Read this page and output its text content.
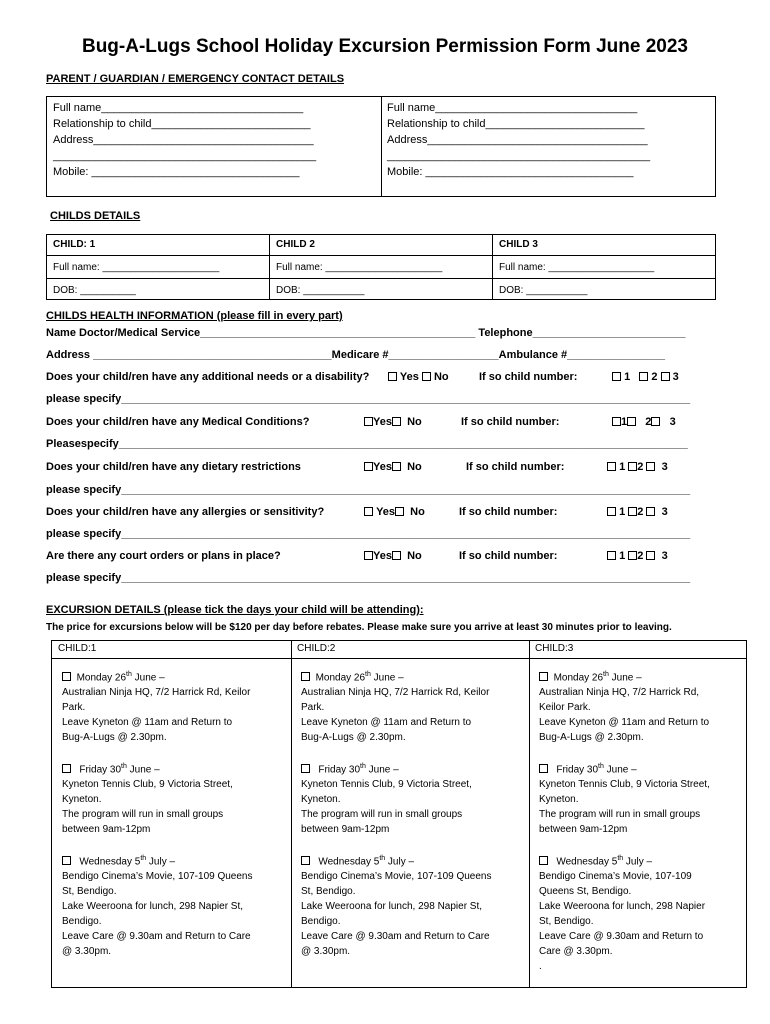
Bug-A-Lugs School Holiday Excursion Permission Form June 2023
PARENT / GUARDIAN / EMERGENCY CONTACT DETAILS
Full name_________________________________
Relationship to child__________________________
Address____________________________________
___________________________________________
Mobile: __________________________________
Full name_________________________________
Relationship to child__________________________
Address____________________________________
___________________________________________
Mobile: __________________________________
CHILDS DETAILS
CHILD: 1
Full name: _____________________
DOB: __________
CHILD 2
Full name: _____________________
DOB: ___________
CHILD 3
Full name: ___________________
DOB: ___________
CHILDS HEALTH INFORMATION (please fill in every part)
Name Doctor/Medical Service_____________________________________________ Telephone_________________________
Address _______________________________________Medicare #__________________Ambulance #________________
Does your child/ren have any additional needs or a disability?	Yes No	If so child number:	1 2 3
please specify_____________________________________________________________________________________________
Does your child/ren have any Medical Conditions?	Yes No	If so child number:	1 2 3
Pleasespecify_____________________________________________________________________________________________
Does your child/ren have any dietary restrictions	Yes No	If so child number:	1 2 3
please specify_____________________________________________________________________________________________
Does your child/ren have any allergies or sensitivity?	Yes No	If so child number:	1 2 3
please specify_____________________________________________________________________________________________
Are there any court orders or plans in place?	Yes No	If so child number:	1 2 3
please specify_____________________________________________________________________________________________
EXCURSION DETAILS (please tick the days your child will be attending):
The price for excursions below will be $120 per day before rebates. Please make sure you arrive at least 30 minutes prior to leaving.
CHILD:1
Monday 26th June –
Australian Ninja HQ, 7/2 Harrick Rd, Keilor
Park.
Leave Kyneton @ 11am and Return to
Bug-A-Lugs @ 2.30pm.
Friday 30th June –
Kyneton Tennis Club, 9 Victoria Street,
Kyneton.
The program will run in small groups
between 9am-12pm
Wednesday 5th July –
Bendigo Cinema’s Movie, 107-109 Queens
St, Bendigo.
Lake Weeroona for lunch, 298 Napier St,
Bendigo.
Leave Care @ 9.30am and Return to Care
@ 3.30pm.
CHILD:2
Monday 26th June –
Australian Ninja HQ, 7/2 Harrick Rd, Keilor
Park.
Leave Kyneton @ 11am and Return to
Bug-A-Lugs @ 2.30pm.
Friday 30th June –
Kyneton Tennis Club, 9 Victoria Street,
Kyneton.
The program will run in small groups
between 9am-12pm
Wednesday 5th July –
Bendigo Cinema’s Movie, 107-109 Queens
St, Bendigo.
Lake Weeroona for lunch, 298 Napier St,
Bendigo.
Leave Care @ 9.30am and Return to Care
@ 3.30pm.
CHILD:3
Monday 26th June –
Australian Ninja HQ, 7/2 Harrick Rd,
Keilor Park.
Leave Kyneton @ 11am and Return to
Bug-A-Lugs @ 2.30pm.
Friday 30th June –
Kyneton Tennis Club, 9 Victoria Street,
Kyneton.
The program will run in small groups
between 9am-12pm
Wednesday 5th July –
Bendigo Cinema’s Movie, 107-109
Queens St, Bendigo.
Lake Weeroona for lunch, 298 Napier
St, Bendigo.
Leave Care @ 9.30am and Return to
Care @ 3.30pm.
.
